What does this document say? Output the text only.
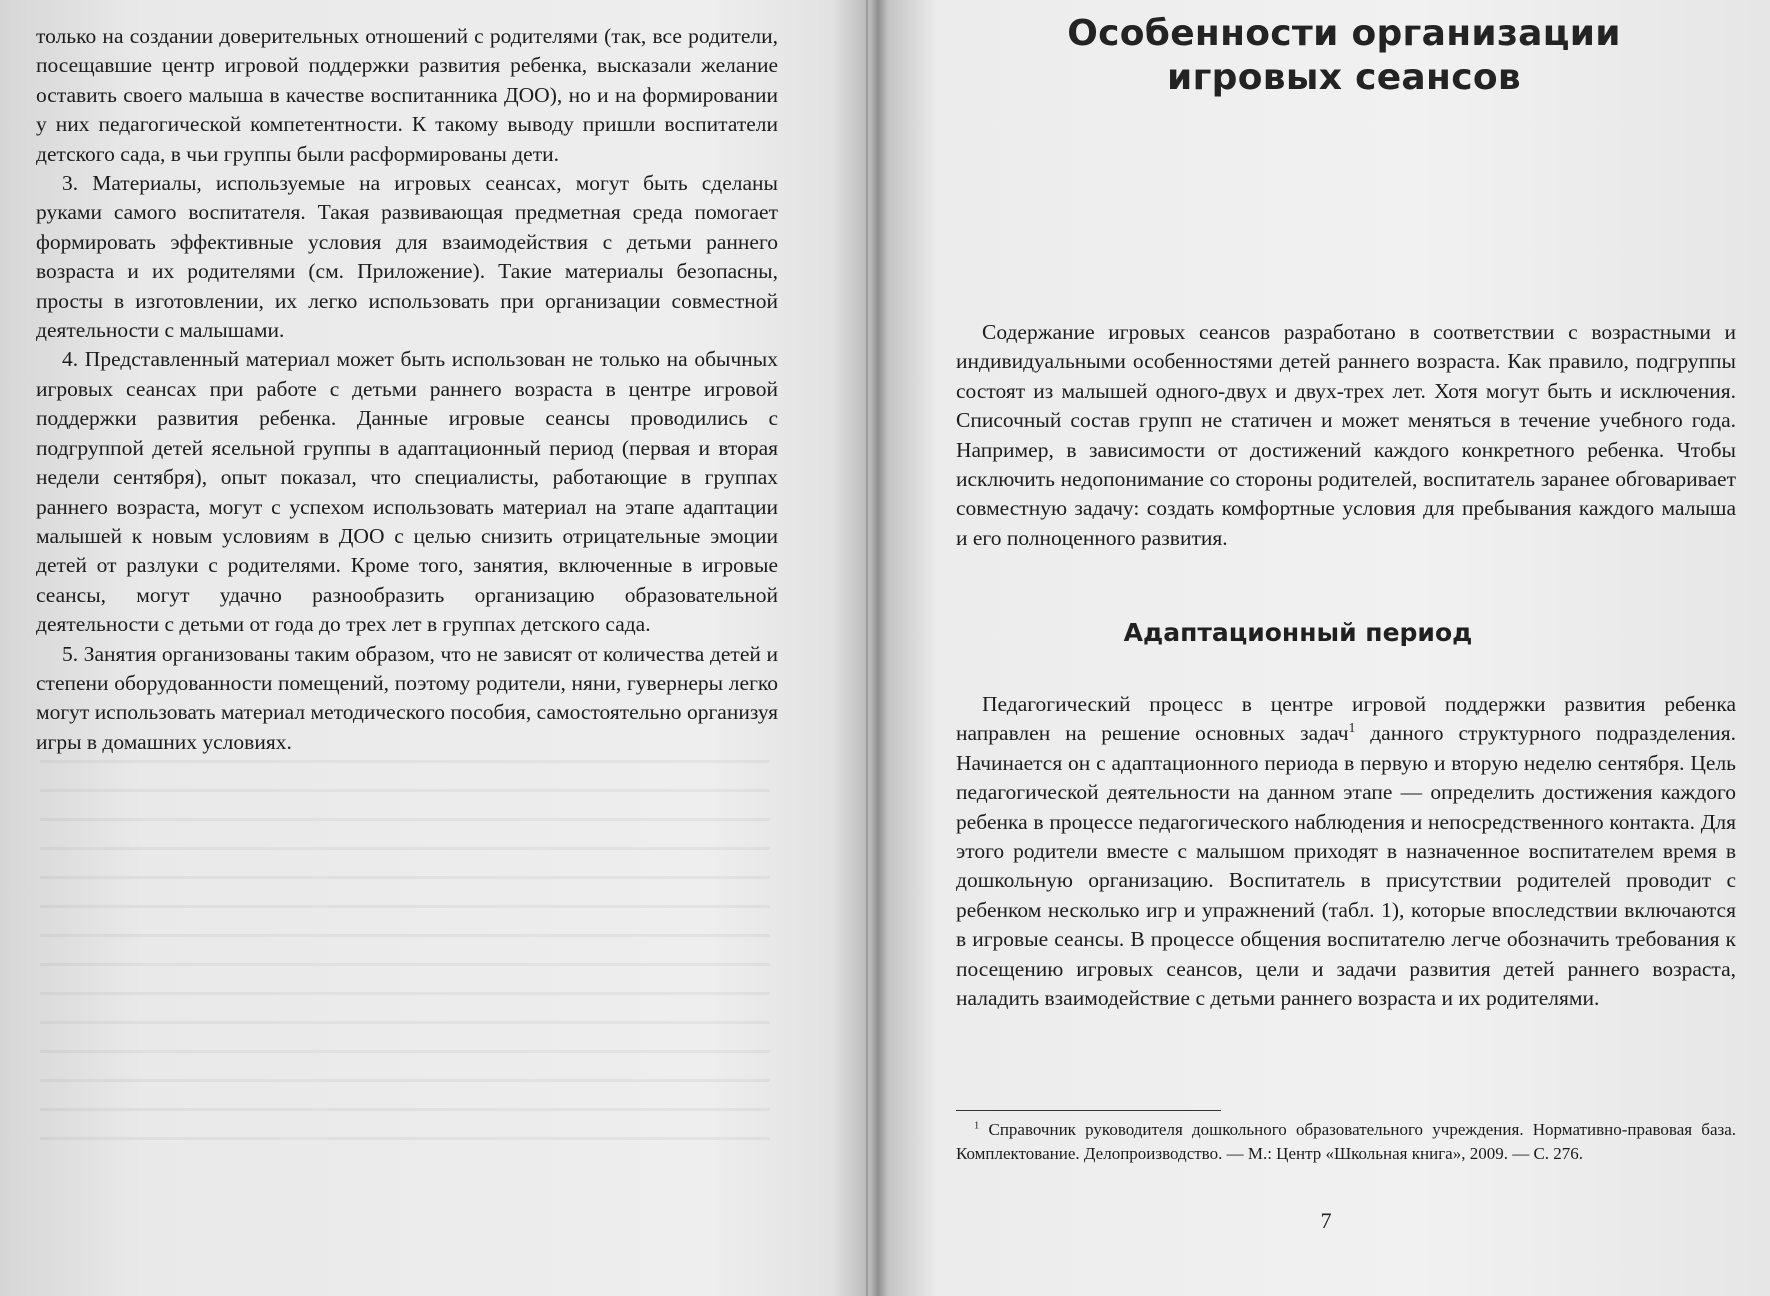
только на создании доверительных отношений с родителями (так, все родители, посещавшие центр игровой поддержки развития ребенка, высказали желание оставить своего малыша в качестве воспитанника ДОО), но и на формировании у них педагогической компетентности. К такому выводу пришли воспитатели детского сада, в чьи группы были расформированы дети.

3. Материалы, используемые на игровых сеансах, могут быть сделаны руками самого воспитателя. Такая развивающая предметная среда помогает формировать эффективные условия для взаимодействия с детьми раннего возраста и их родителями (см. Приложение). Такие материалы безопасны, просты в изготовлении, их легко использовать при организации совместной деятельности с малышами.

4. Представленный материал может быть использован не только на обычных игровых сеансах при работе с детьми раннего возраста в центре игровой поддержки развития ребенка. Данные игровые сеансы проводились с подгруппой детей ясельной группы в адаптационный период (первая и вторая недели сентября), опыт показал, что специалисты, работающие в группах раннего возраста, могут с успехом использовать материал на этапе адаптации малышей к новым условиям в ДОО с целью снизить отрицательные эмоции детей от разлуки с родителями. Кроме того, занятия, включенные в игровые сеансы, могут удачно разнообразить организацию образовательной деятельности с детьми от года до трех лет в группах детского сада.

5. Занятия организованы таким образом, что не зависят от количества детей и степени оборудованности помещений, поэтому родители, няни, гувернеры легко могут использовать материал методического пособия, самостоятельно организуя игры в домашних условиях.

Особенности организации игровых сеансов

Содержание игровых сеансов разработано в соответствии с возрастными и индивидуальными особенностями детей раннего возраста. Как правило, подгруппы состоят из малышей одного-двух и двух-трех лет. Хотя могут быть и исключения. Списочный состав групп не статичен и может меняться в течение учебного года. Например, в зависимости от достижений каждого конкретного ребенка. Чтобы исключить недопонимание со стороны родителей, воспитатель заранее обговаривает совместную задачу: создать комфортные условия для пребывания каждого малыша и его полноценного развития.

Адаптационный период

Педагогический процесс в центре игровой поддержки развития ребенка направлен на решение основных задач$^1$ данного структурного подразделения. Начинается он с адаптационного периода в первую и вторую неделю сентября. Цель педагогической деятельности на данном этапе — определить достижения каждого ребенка в процессе педагогического наблюдения и непосредственного контакта. Для этого родители вместе с малышом приходят в назначенное воспитателем время в дошкольную организацию. Воспитатель в присутствии родителей проводит с ребенком несколько игр и упражнений (табл. 1), которые впоследствии включаются в игровые сеансы. В процессе общения воспитателю легче обозначить требования к посещению игровых сеансов, цели и задачи развития детей раннего возраста, наладить взаимодействие с детьми раннего возраста и их родителями.

$^1$ Справочник руководителя дошкольного образовательного учреждения. Нормативно-правовая база. Комплектование. Делопроизводство. — М.: Центр «Школьная книга», 2009. — С. 276.
7
